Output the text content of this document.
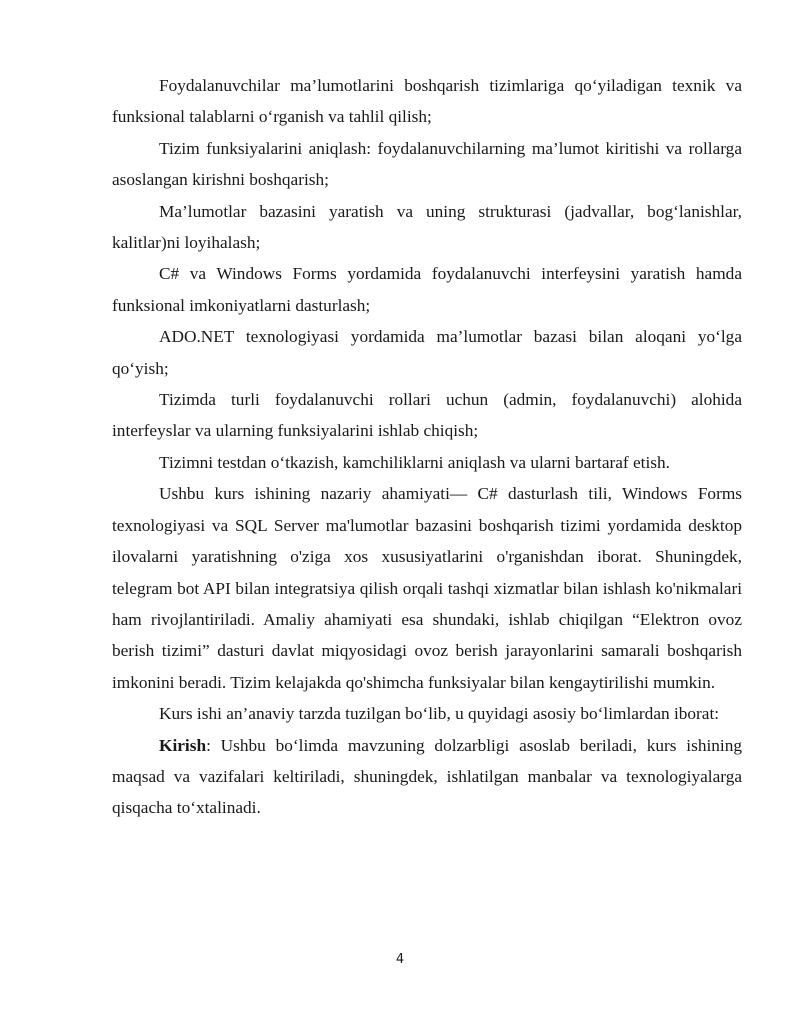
Foydalanuvchilar ma’lumotlarini boshqarish tizimlariga qo‘yiladigan texnik va funksional talablarni o‘rganish va tahlil qilish;

Tizim funksiyalarini aniqlash: foydalanuvchilarning ma’lumot kiritishi va rollarga asoslangan kirishni boshqarish;

Ma’lumotlar bazasini yaratish va uning strukturasi (jadvallar, bog‘lanishlar, kalitlar)ni loyihalash;

C# va Windows Forms yordamida foydalanuvchi interfeysini yaratish hamda funksional imkoniyatlarni dasturlash;

ADO.NET texnologiyasi yordamida ma’lumotlar bazasi bilan aloqani yo‘lga qo‘yish;

Tizimda turli foydalanuvchi rollari uchun (admin, foydalanuvchi) alohida interfeyslar va ularning funksiyalarini ishlab chiqish;

Tizimni testdan o‘tkazish, kamchiliklarni aniqlash va ularni bartaraf etish.

Ushbu kurs ishining nazariy ahamiyati— C# dasturlash tili, Windows Forms texnologiyasi va SQL Server ma'lumotlar bazasini boshqarish tizimi yordamida desktop ilovalarni yaratishning o'ziga xos xususiyatlarini o'rganishdan iborat. Shuningdek, telegram bot API bilan integratsiya qilish orqali tashqi xizmatlar bilan ishlash ko'nikmalari ham rivojlantiriladi. Amaliy ahamiyati esa shundaki, ishlab chiqilgan “Elektron ovoz berish tizimi” dasturi davlat miqyosidagi ovoz berish jarayonlarini samarali boshqarish imkonini beradi. Tizim kelajakda qo'shimcha funksiyalar bilan kengaytirilishi mumkin.

Kurs ishi an’anaviy tarzda tuzilgan bo‘lib, u quyidagi asosiy bo‘limlardan iborat:

Kirish: Ushbu bo‘limda mavzuning dolzarbligi asoslab beriladi, kurs ishining maqsad va vazifalari keltiriladi, shuningdek, ishlatilgan manbalar va texnologiyalarga qisqacha to‘xtalinadi.

4
